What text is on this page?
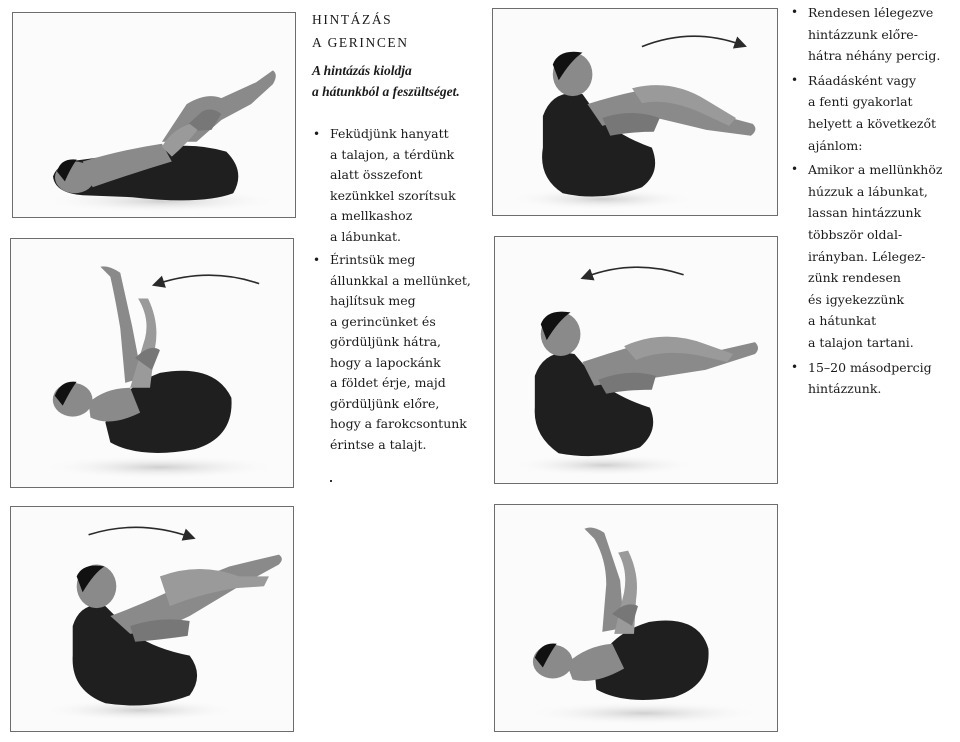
HINTÁZÁS
A GERINCEN
A hintázás kioldja
a hátunkból a feszültséget.
• Feküdjünk hanyatt
a talajon, a térdünk
alatt összefont
kezünkkel szorítsuk
a mellkashoz
a lábunkat.
• Érintsük meg
állunkkal a mellünket,
hajlítsuk meg
a gerincünket és
gördüljünk hátra,
hogy a lapockánk
a földet érje, majd
gördüljünk előre,
hogy a farokcsontunk
érintse a talajt.
• Rendesen lélegezve
hintázzunk előre-
hátra néhány percig.
• Ráadásként vagy
a fenti gyakorlat
helyett a következőt
ajánlom:
• Amikor a mellünkhöz
húzzuk a lábunkat,
lassan hintázzunk
többször oldal-
irányban. Lélegez-
zünk rendesen
és igyekezzünk
a hátunkat
a talajon tartani.
• 15–20 másodpercig
hintázzunk.
